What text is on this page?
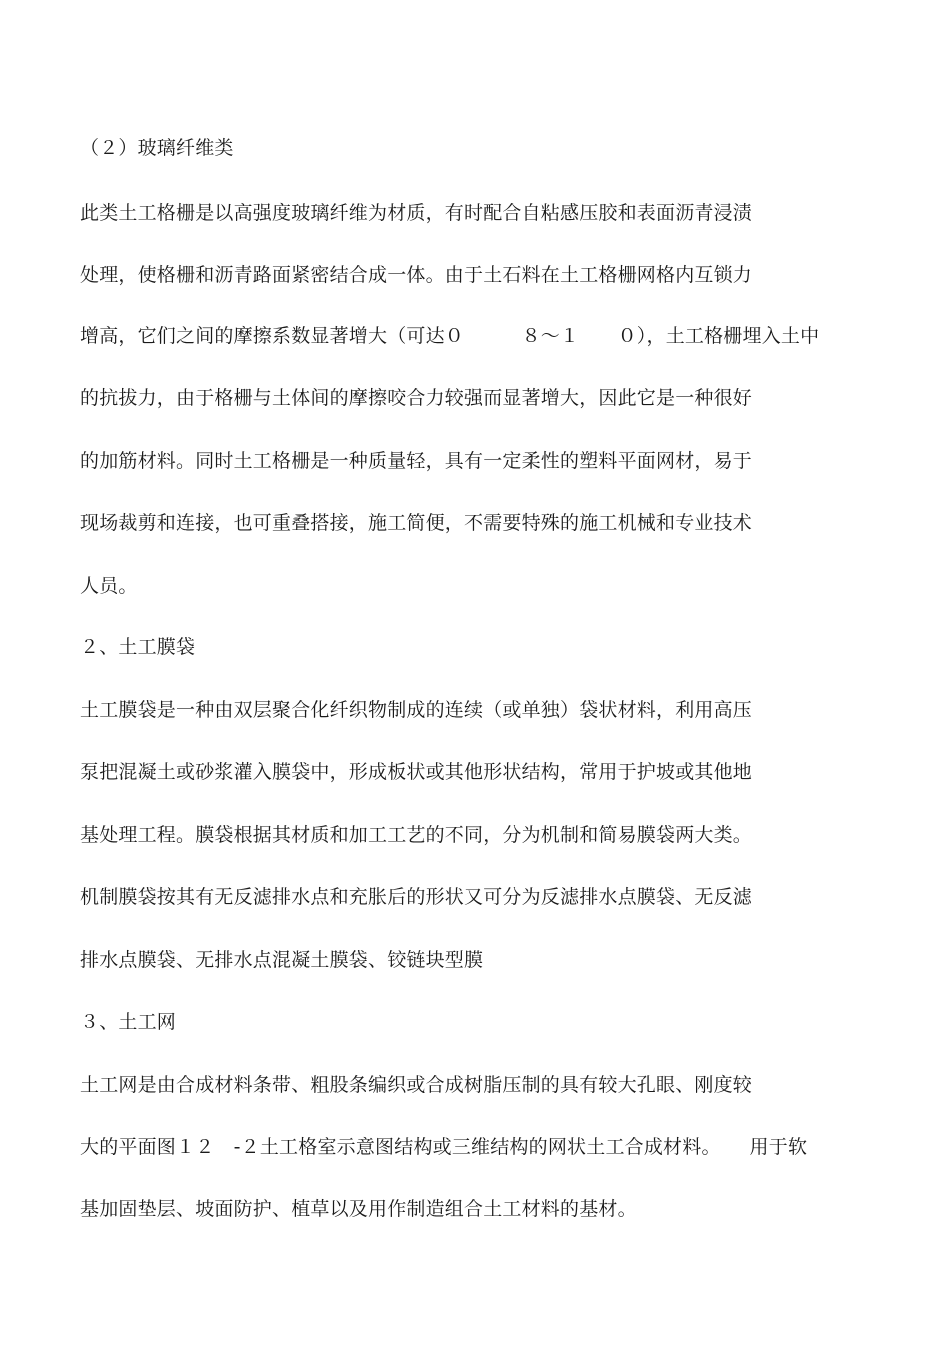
（２）玻璃纤维类
此类土工格栅是以高强度玻璃纤维为材质，有时配合自粘感压胶和表面沥青浸渍
处理，使格栅和沥青路面紧密结合成一体。由于土石料在土工格栅网格内互锁力
增高，它们之间的摩擦系数显著增大（可达０　　　８～１　　０），土工格栅埋入土中
的抗拔力，由于格栅与土体间的摩擦咬合力较强而显著增大，因此它是一种很好
的加筋材料。同时土工格栅是一种质量轻，具有一定柔性的塑料平面网材，易于
现场裁剪和连接，也可重叠搭接，施工简便，不需要特殊的施工机械和专业技术
人员。
２、土工膜袋
土工膜袋是一种由双层聚合化纤织物制成的连续（或单独）袋状材料，利用高压
泵把混凝土或砂浆灌入膜袋中，形成板状或其他形状结构，常用于护坡或其他地
基处理工程。膜袋根据其材质和加工工艺的不同，分为机制和简易膜袋两大类。
机制膜袋按其有无反滤排水点和充胀后的形状又可分为反滤排水点膜袋、无反滤
排水点膜袋、无排水点混凝土膜袋、铰链块型膜
３、土工网
土工网是由合成材料条带、粗股条编织或合成树脂压制的具有较大孔眼、刚度较
大的平面图１２　-２土工格室示意图结构或三维结构的网状土工合成材料。　　用于软
基加固垫层、坡面防护、植草以及用作制造组合土工材料的基材。
